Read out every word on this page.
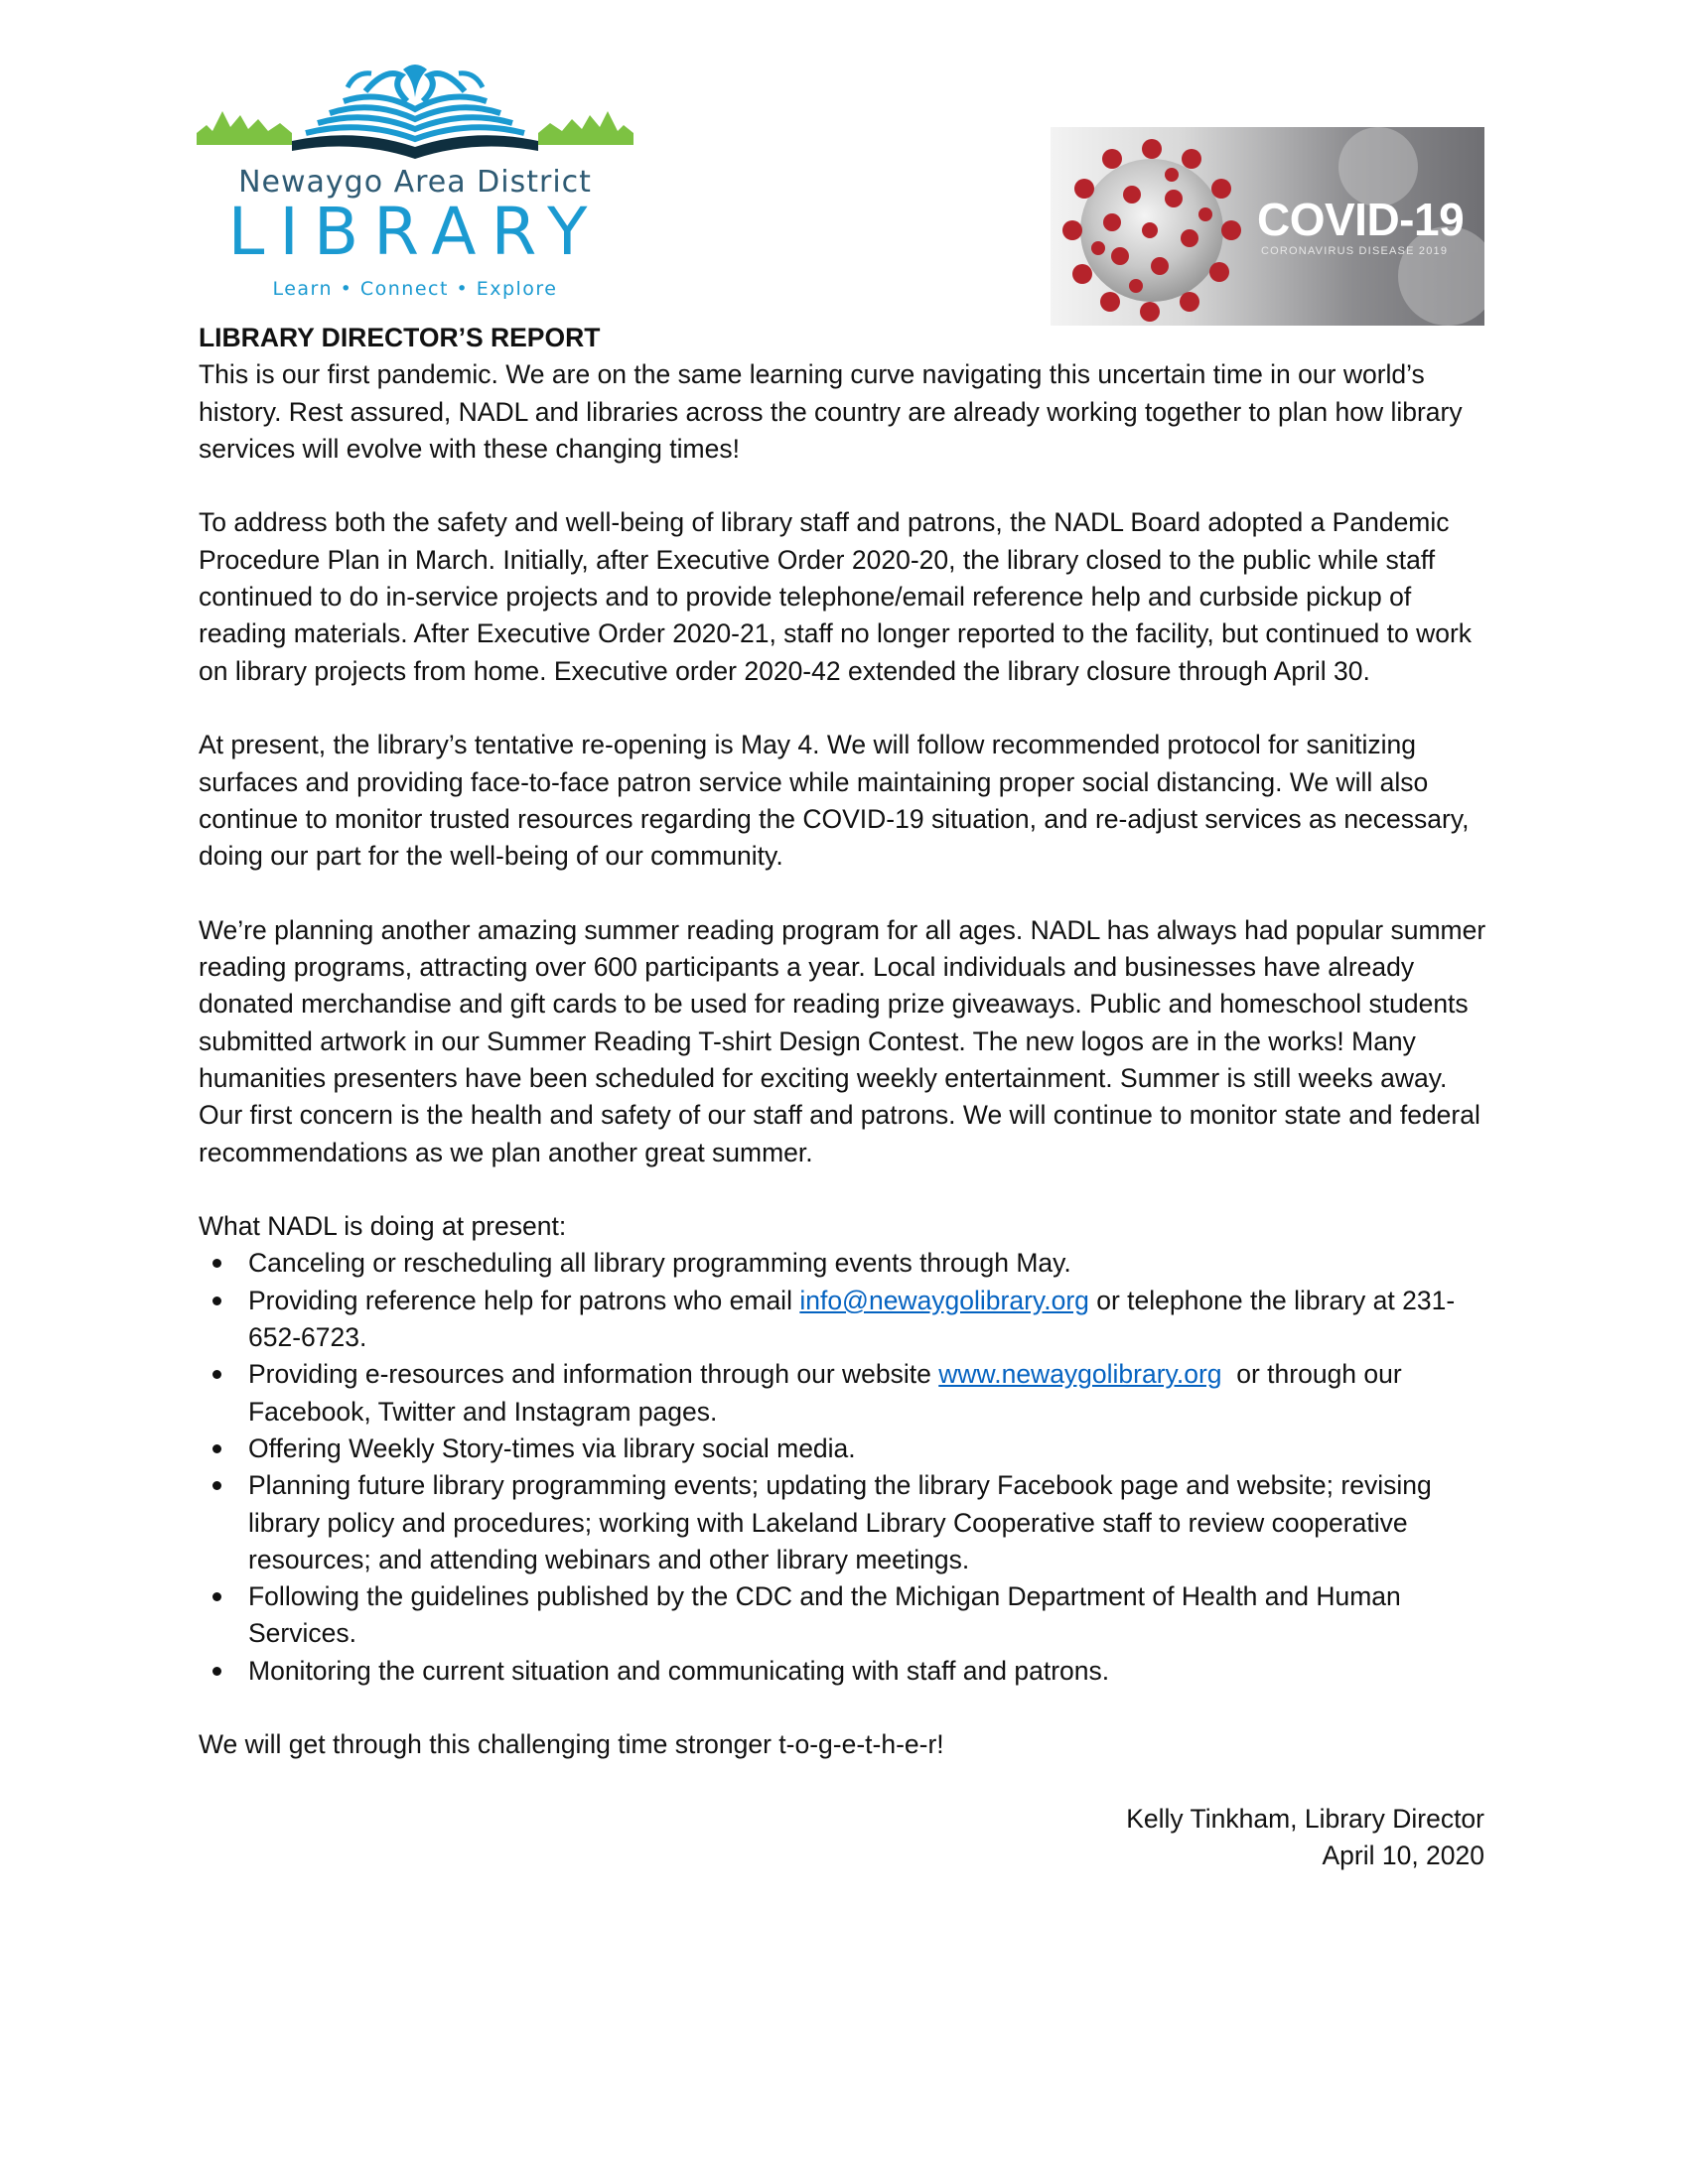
Newaygo Area District
LIBRARY
Learn • Connect • Explore
COVID-19
CORONAVIRUS DISEASE 2019

LIBRARY DIRECTOR’S REPORT

This is our first pandemic. We are on the same learning curve navigating this uncertain time in our world’s history. Rest assured, NADL and libraries across the country are already working together to plan how library services will evolve with these changing times!

To address both the safety and well-being of library staff and patrons, the NADL Board adopted a Pandemic Procedure Plan in March. Initially, after Executive Order 2020-20, the library closed to the public while staff continued to do in-service projects and to provide telephone/email reference help and curbside pickup of reading materials. After Executive Order 2020-21, staff no longer reported to the facility, but continued to work on library projects from home. Executive order 2020-42 extended the library closure through April 30.

At present, the library’s tentative re-opening is May 4. We will follow recommended protocol for sanitizing surfaces and providing face-to-face patron service while maintaining proper social distancing. We will also continue to monitor trusted resources regarding the COVID-19 situation, and re-adjust services as necessary, doing our part for the well-being of our community.

We’re planning another amazing summer reading program for all ages. NADL has always had popular summer reading programs, attracting over 600 participants a year. Local individuals and businesses have already donated merchandise and gift cards to be used for reading prize giveaways. Public and homeschool students submitted artwork in our Summer Reading T-shirt Design Contest. The new logos are in the works! Many humanities presenters have been scheduled for exciting weekly entertainment. Summer is still weeks away. Our first concern is the health and safety of our staff and patrons. We will continue to monitor state and federal recommendations as we plan another great summer.

What NADL is doing at present:

Canceling or rescheduling all library programming events through May.
Providing reference help for patrons who email info@newaygolibrary.org or telephone the library at 231-652-6723.
Providing e-resources and information through our website www.newaygolibrary.org  or through our Facebook, Twitter and Instagram pages.
Offering Weekly Story-times via library social media.
Planning future library programming events; updating the library Facebook page and website; revising library policy and procedures; working with Lakeland Library Cooperative staff to review cooperative resources; and attending webinars and other library meetings.
Following the guidelines published by the CDC and the Michigan Department of Health and Human Services.
Monitoring the current situation and communicating with staff and patrons.

We will get through this challenging time stronger t-o-g-e-t-h-e-r!

Kelly Tinkham, Library Director

April 10, 2020
